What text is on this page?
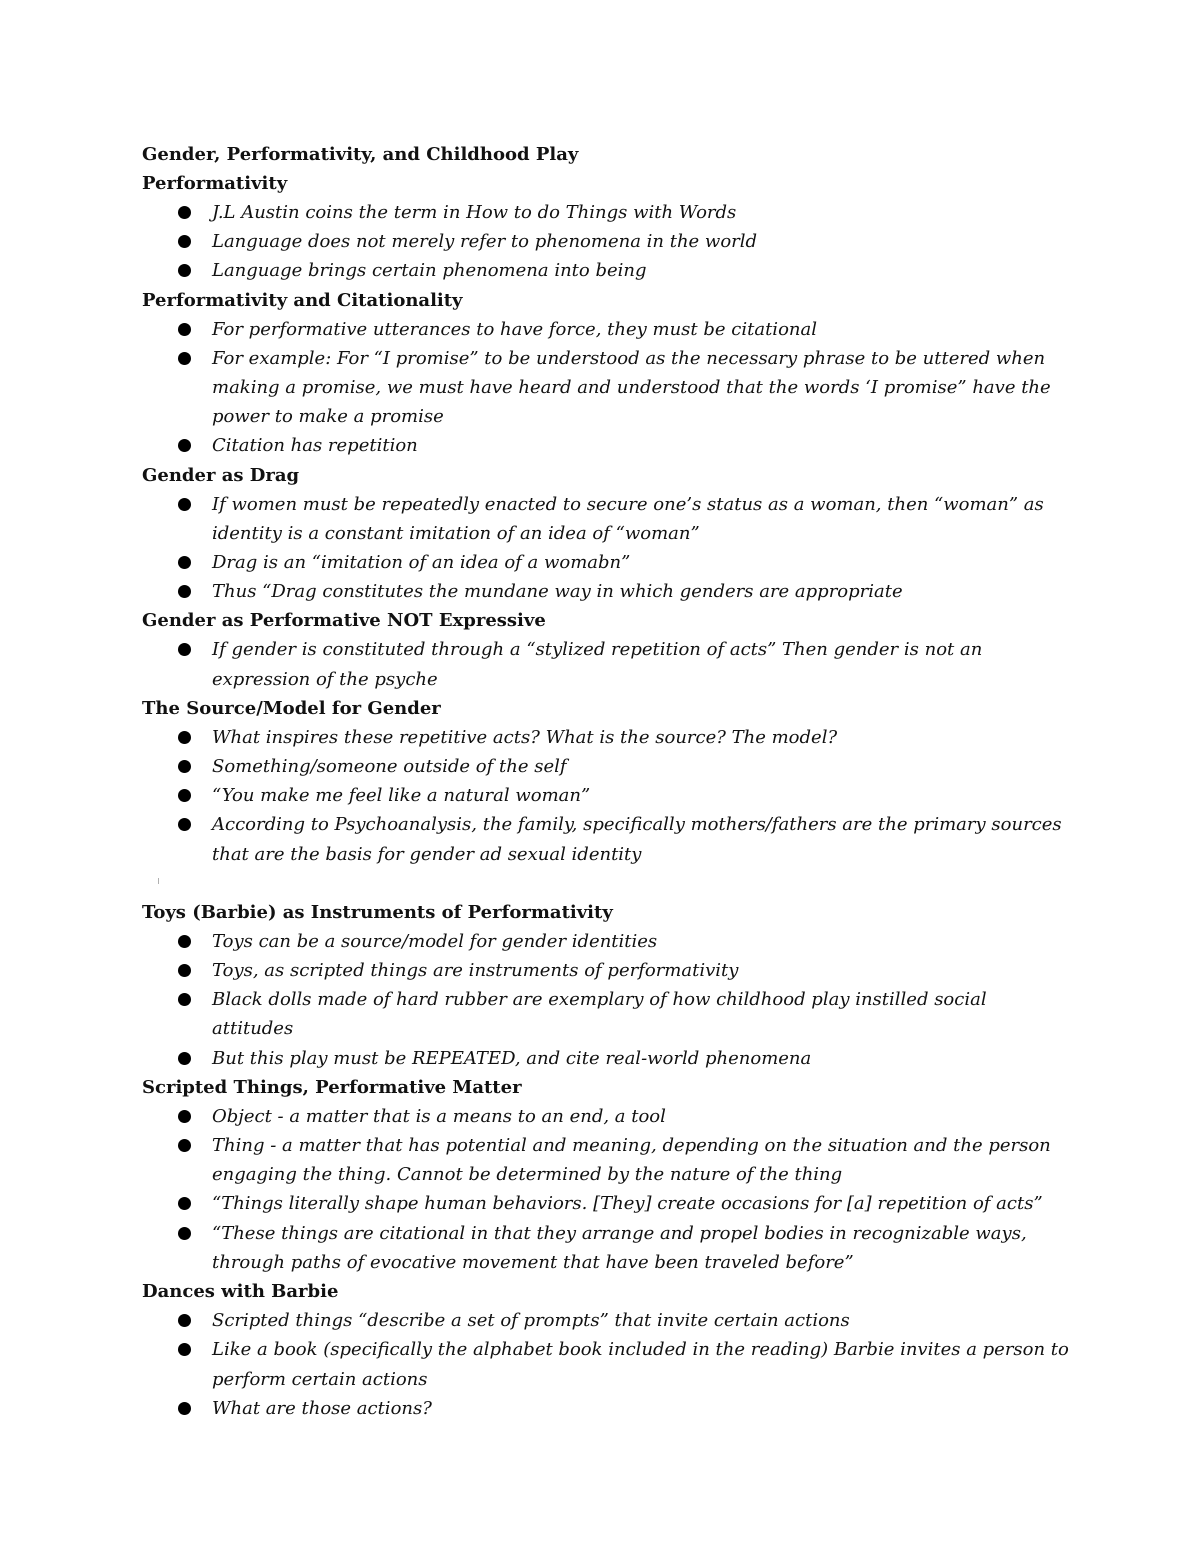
Gender, Performativity, and Childhood Play
Performativity
J.L Austin coins the term in How to do Things with Words
Language does not merely refer to phenomena in the world
Language brings certain phenomena into being
Performativity and Citationality
For performative utterances to have force, they must be citational
For example: For “I promise” to be understood as the necessary phrase to be uttered when making a promise, we must have heard and understood that the words ‘I promise” have the power to make a promise
Citation has repetition
Gender as Drag
If women must be repeatedly enacted to secure one’s status as a woman, then “woman” as identity is a constant imitation of an idea of “woman”
Drag is an “imitation of an idea of a womabn”
Thus “Drag constitutes the mundane way in which genders are appropriate
Gender as Performative NOT Expressive
If gender is constituted through a “stylized repetition of acts” Then gender is not an expression of the psyche
The Source/Model for Gender
What inspires these repetitive acts? What is the source? The model?
Something/someone outside of the self
“You make me feel like a natural woman”
According to Psychoanalysis, the family, specifically mothers/fathers are the primary sources that are the basis for gender ad sexual identity
Toys (Barbie) as Instruments of Performativity
Toys can be a source/model for gender identities
Toys, as scripted things are instruments of performativity
Black dolls made of hard rubber are exemplary of how childhood play instilled social attitudes
But this play must be REPEATED, and cite real-world phenomena
Scripted Things, Performative Matter
Object - a matter that is a means to an end, a tool
Thing - a matter that has potential and meaning, depending on the situation and the person engaging the thing. Cannot be determined by the nature of the thing
“Things literally shape human behaviors. [They] create occasions for [a] repetition of acts”
“These things are citational in that they arrange and propel bodies in recognizable ways, through paths of evocative movement that have been traveled before”
Dances with Barbie
Scripted things “describe a set of prompts” that invite certain actions
Like a book (specifically the alphabet book included in the reading) Barbie invites a person to perform certain actions
What are those actions?
